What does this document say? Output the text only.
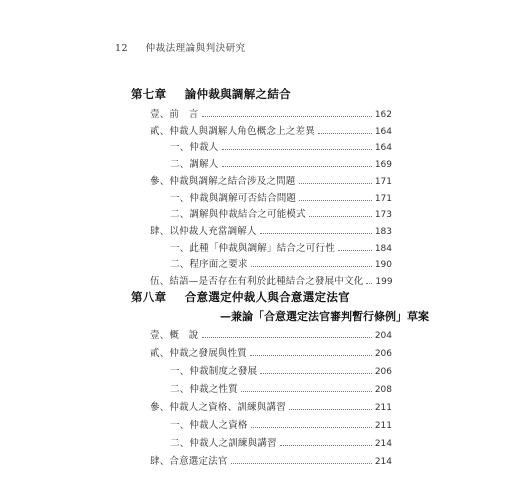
12 仲裁法理論與判決研究
第七章 論仲裁與調解之結合
第八章 合意選定仲裁人與合意選定法官
—兼論「合意選定法官審判暫行條例」草案
壹、前　言	162
貳、仲裁人與調解人角色概念上之差異	164
一、仲裁人	164
二、調解人	169
參、仲裁與調解之結合涉及之問題	171
一、仲裁與調解可否結合問題	171
二、調解與仲裁結合之可能模式	173
肆、以仲裁人充當調解人	183
一、此種「仲裁與調解」結合之可行性	184
二、程序面之要求	190
伍、結語—是否存在有利於此種結合之發展中文化 199
壹、概　說	204
貳、仲裁之發展與性質	206
一、仲裁制度之發展	206
二、仲裁之性質	208
參、仲裁人之資格、訓練與講習	211
一、仲裁人之資格	211
二、仲裁人之訓練與講習	214
肆、合意選定法官	214
